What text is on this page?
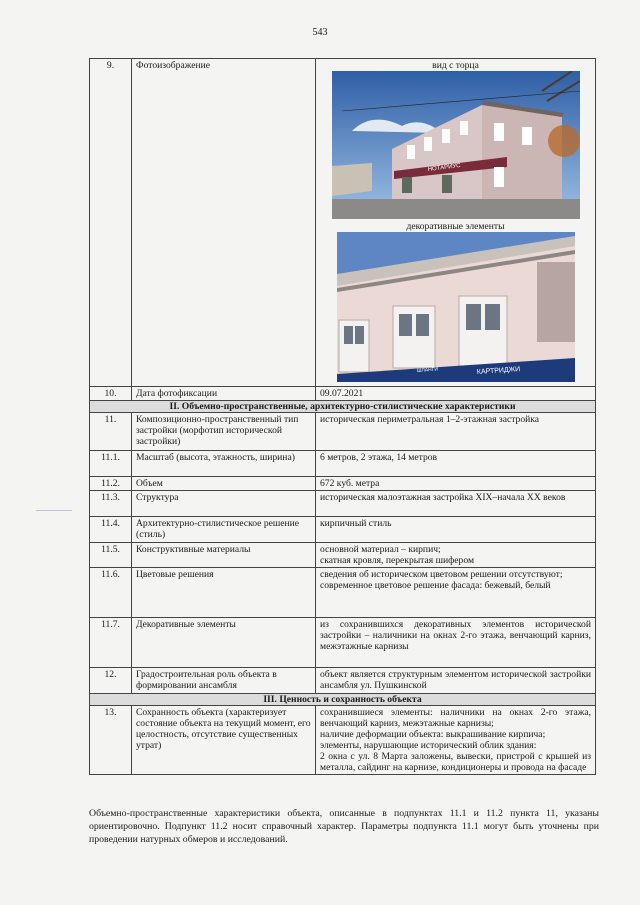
543
9.	Фотоизображение	вид с торца
НОТАРИУС
декоративные элементы
ШЛАНГИ КАРТРИДЖИ

10.	Дата фотофиксации	09.07.2021
II. Объемно-пространственные, архитектурно-стилистические характеристики		
11.	Композиционно-пространственный тип застройки (морфотип исторической застройки)	историческая периметральная 1–2-этажная застройка
11.1.	Масштаб (высота, этажность, ширина)	6 метров, 2 этажа, 14 метров
11.2.	Объем	672 куб. метра
11.3.	Структура	историческая малоэтажная застройка XIX–начала XX веков
11.4.	Архитектурно-стилистическое решение (стиль)	кирпичный стиль
11.5.	Конструктивные материалы	основной материал – кирпич;
скатная кровля, перекрытая шифером

11.6.	Цветовые решения	сведения об историческом цветовом решении отсутствуют;
современное цветовое решение фасада: бежевый, белый

11.7.	Декоративные элементы	из сохранившихся декоративных элементов исторической застройки – наличники на окнах 2-го этажа, венчающий карниз, межэтажные карнизы
12.	Градостроительная роль объекта в формировании ансамбля	объект является структурным элементом исторической застройки ансамбля ул. Пушкинской
III. Ценность и сохранность объекта		
13.	Сохранность объекта (характеризует состояние объекта на текущий момент, его целостность, отсутствие существенных утрат)	сохранившиеся элементы: наличники на окнах 2-го этажа, венчающий карниз, межэтажные карнизы;
наличие деформации объекта: выкрашивание кирпича;
элементы, нарушающие исторический облик здания:
2 окна с ул. 8 Марта заложены, вывески, пристрой с крышей из металла, сайдинг на карнизе, кондиционеры и провода на фасаде
Объемно-пространственные характеристики объекта, описанные в подпунктах 11.1 и 11.2 пункта 11, указаны ориентировочно. Подпункт 11.2 носит справочный характер. Параметры подпункта 11.1 могут быть уточнены при проведении натурных обмеров и исследований.
